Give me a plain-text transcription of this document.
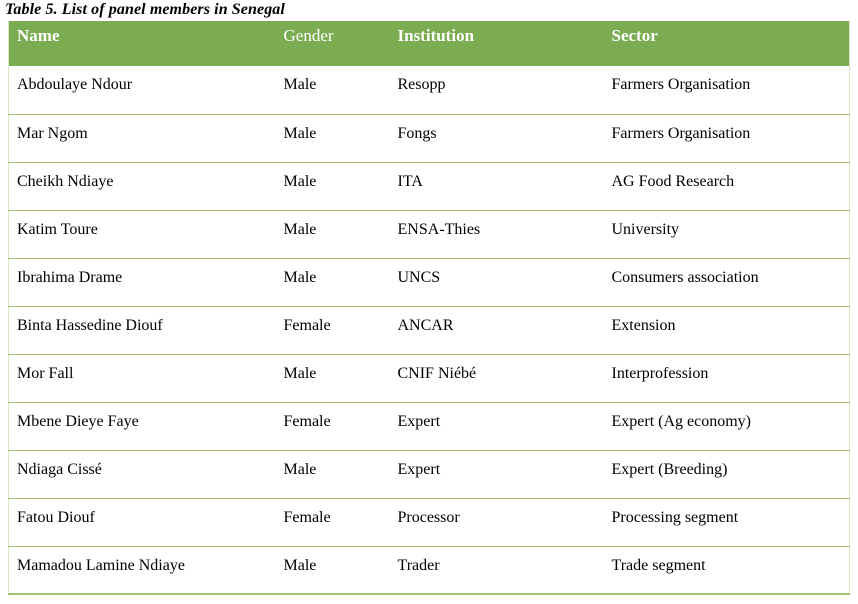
Table 5. List of panel members in Senegal
Name	Gender	Institution	Sector
Abdoulaye Ndour	Male	Resopp	Farmers Organisation
Mar Ngom	Male	Fongs	Farmers Organisation
Cheikh Ndiaye	Male	ITA	AG Food Research
Katim Toure	Male	ENSA-Thies	University
Ibrahima Drame	Male	UNCS	Consumers association
Binta Hassedine Diouf	Female	ANCAR	Extension
Mor Fall	Male	CNIF Niébé	Interprofession
Mbene Dieye Faye	Female	Expert	Expert (Ag economy)
Ndiaga Cissé	Male	Expert	Expert (Breeding)
Fatou Diouf	Female	Processor	Processing segment
Mamadou Lamine Ndiaye	Male	Trader	Trade segment
